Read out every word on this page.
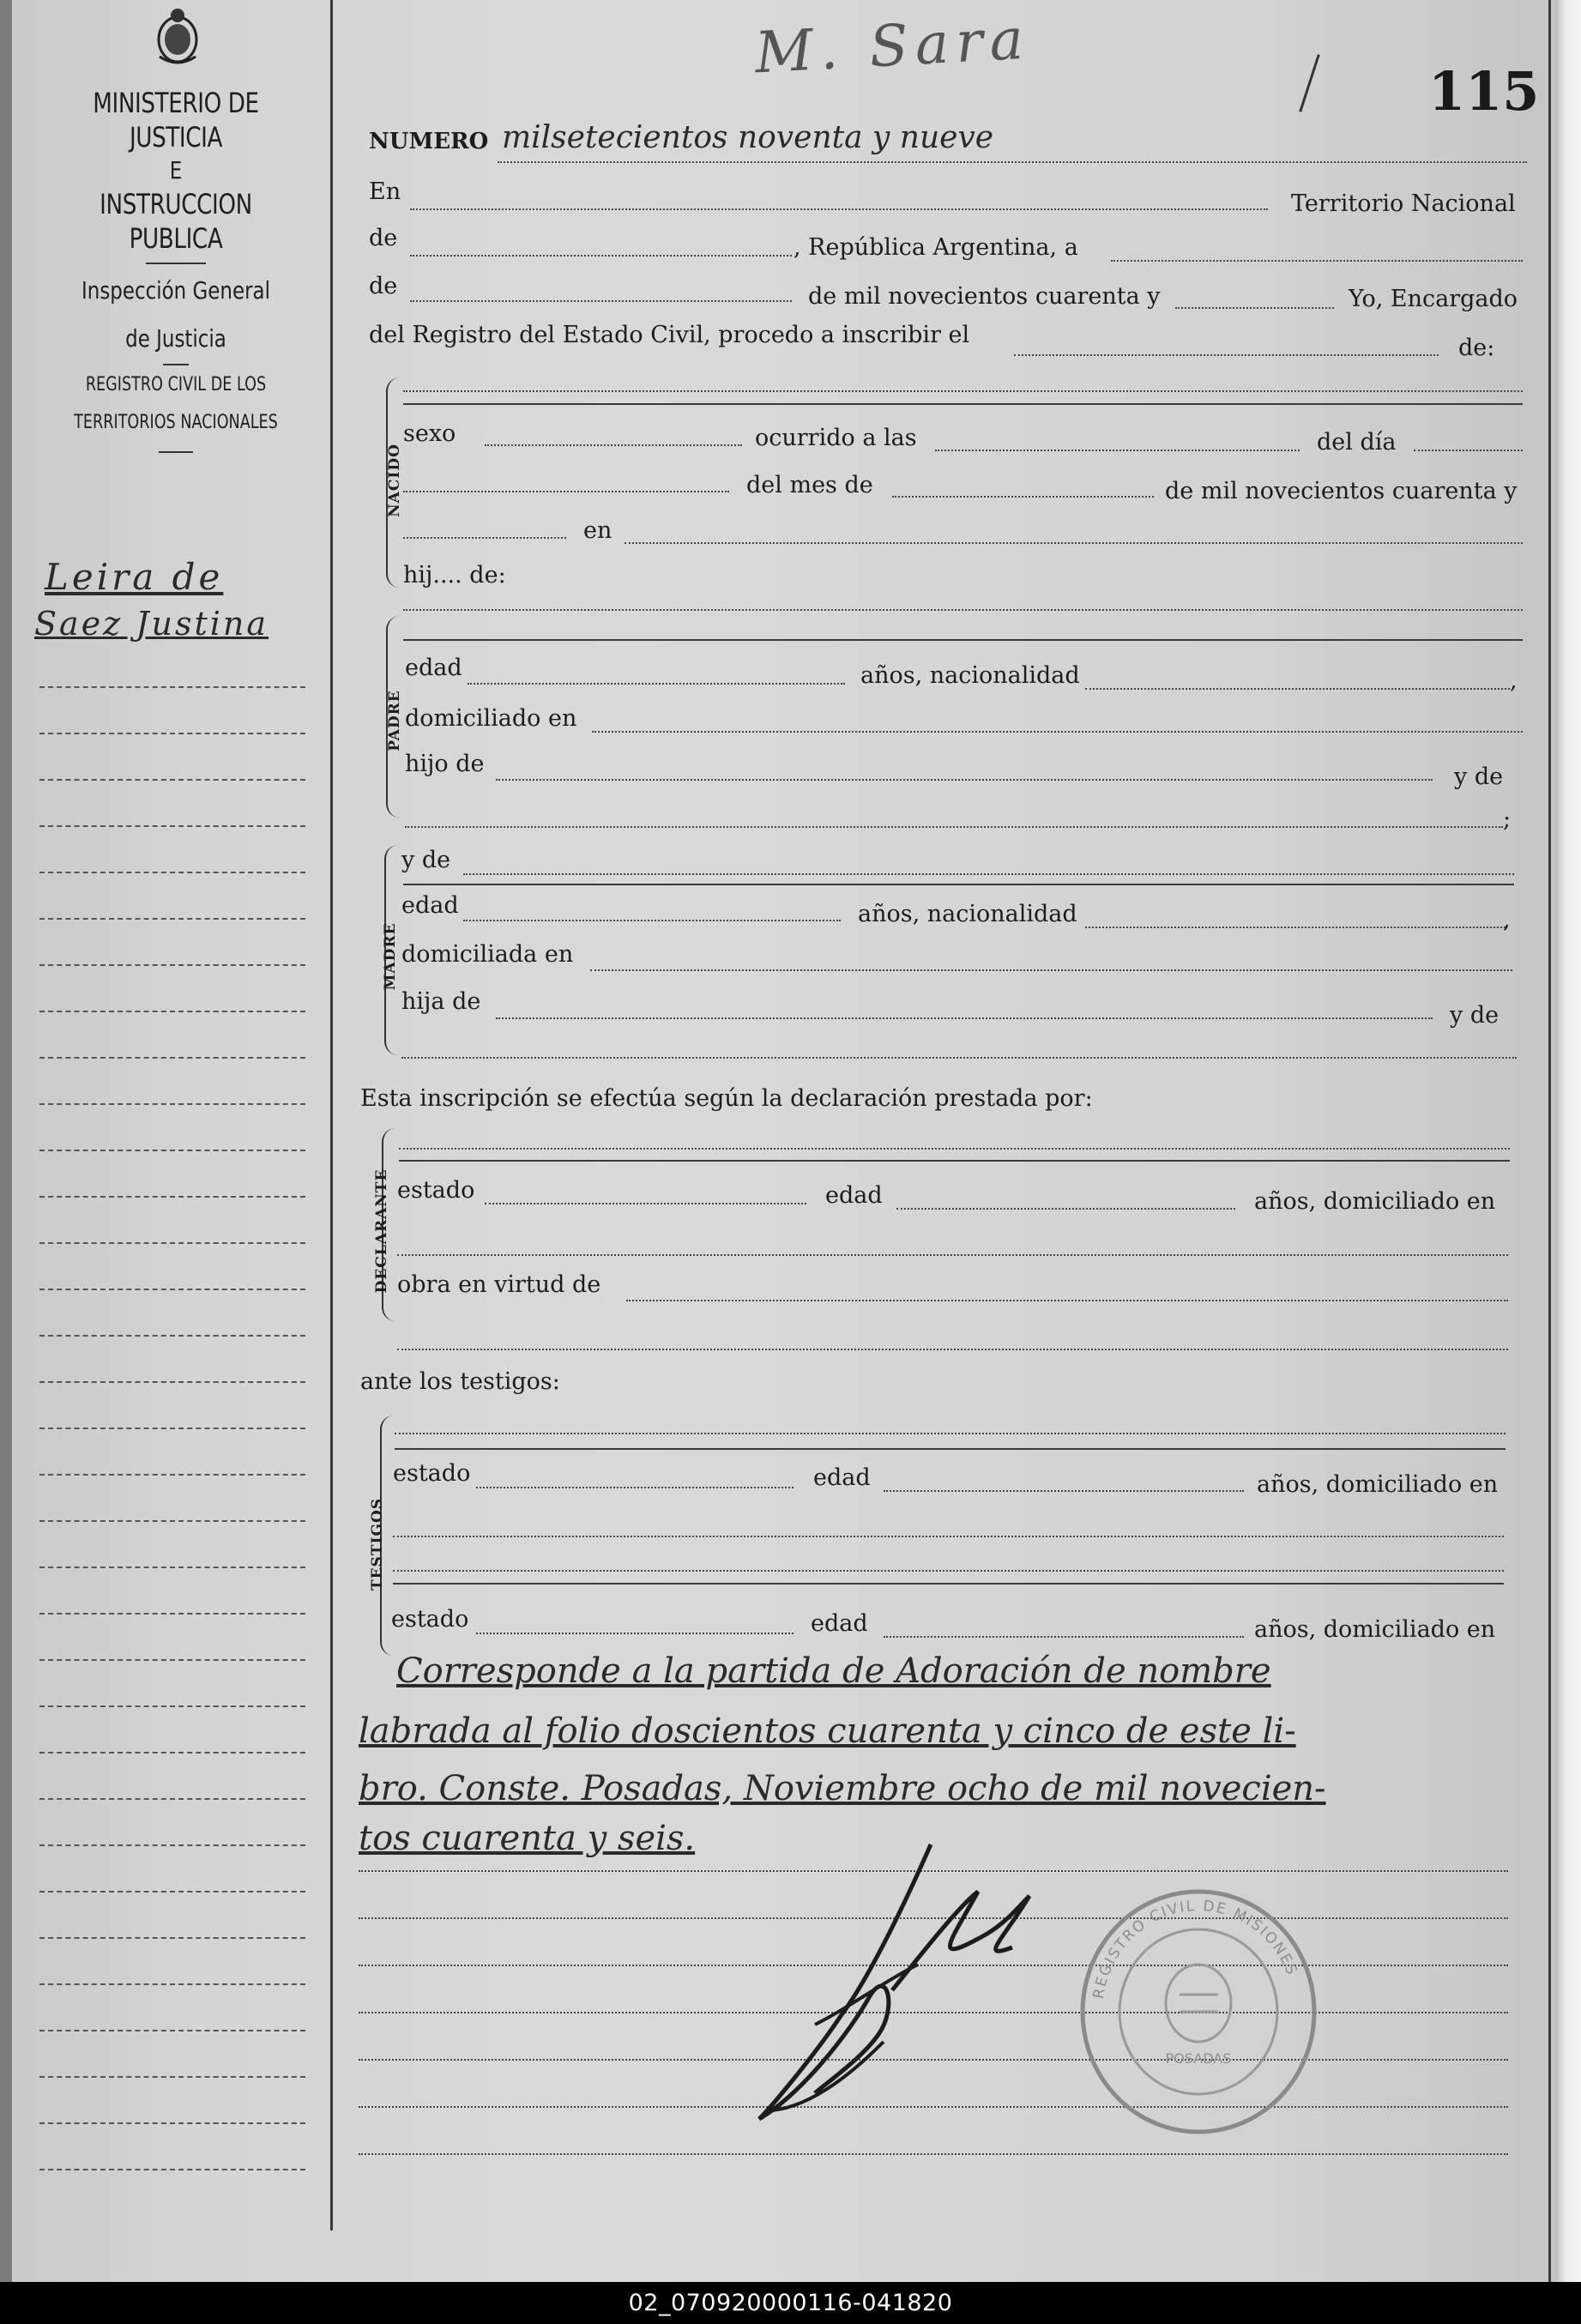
MINISTERIO DE JUSTICIA
E
INSTRUCCION PUBLICA
Inspección General
de Justicia
REGISTRO CIVIL DE LOS
TERRITORIOS NACIONALES
Leira de
Saez Justina
M. Sara
115
NUMERO milsetecientos noventa y nueve
En	Territorio Nacional
de	, República Argentina, a
de	de mil novecientos cuarenta y	Yo, Encargado
del Registro del Estado Civil, procedo a inscribir el	de:
NACIDO
sexo	ocurrido a las	del día
del mes de	de mil novecientos cuarenta y
en
hij.... de:
PADRE
edad	años, nacionalidad	,
domiciliado en
hijo de	y de
;
MADRE
y de
edad	años, nacionalidad	,
domiciliada en
hija de
y de
Esta inscripción se efectúa según la declaración prestada por:
DECLARANTE estado	edad	años, domiciliado en
obra en virtud de
ante los testigos:
TESTIGOS
estado	edad	años, domiciliado en
estado	edad	años, domiciliado en
Corresponde a la partida de Adoración de nombre
labrada al folio doscientos cuarenta y cinco de este li-
bro. Conste. Posadas, Noviembre ocho de mil novecien-
tos cuarenta y seis.
POSADAS
REGISTRO CIVIL DE MISIONES
02_070920000116-041820
